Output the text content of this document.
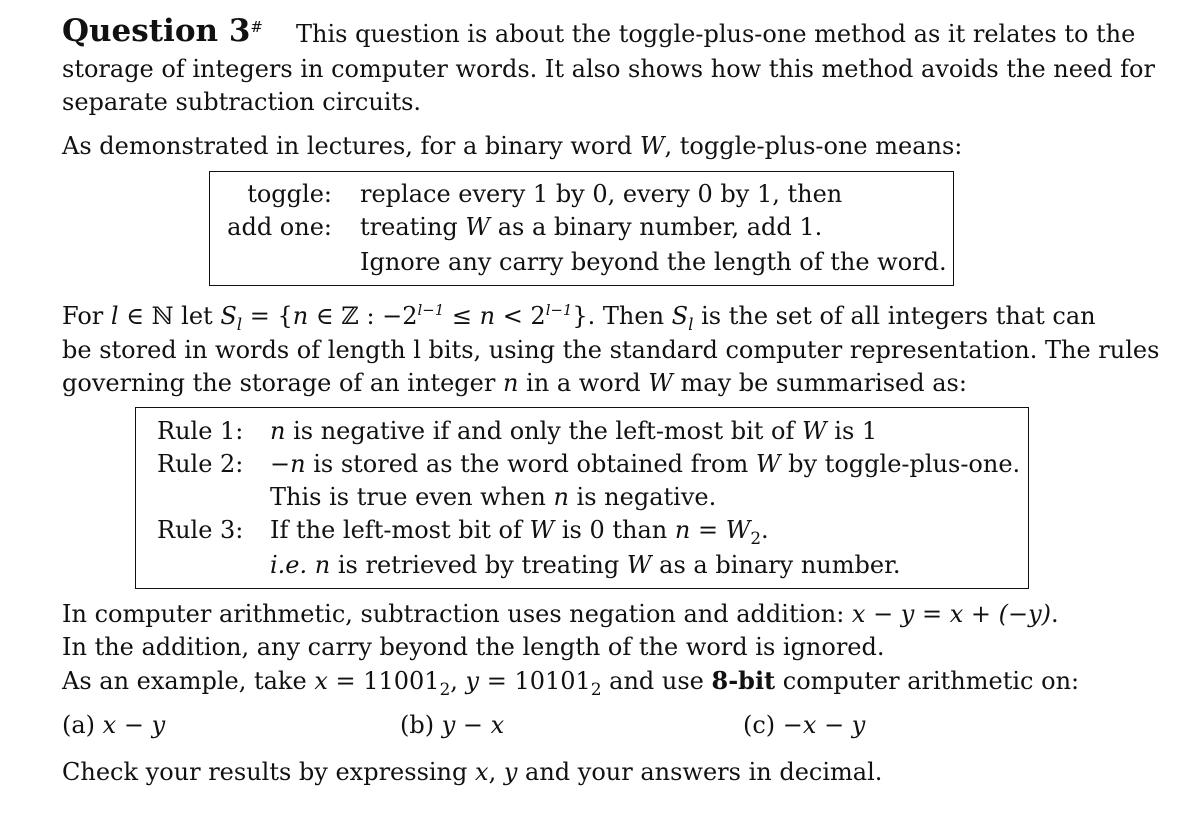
Question 3# This question is about the toggle-plus-one method as it relates to the
storage of integers in computer words. It also shows how this method avoids the need for
separate subtraction circuits.
As demonstrated in lectures, for a binary word W, toggle-plus-one means:
toggle: replace every 1 by 0, every 0 by 1, then
add one: treating W as a binary number, add 1.
Ignore any carry beyond the length of the word.
For l ∈ ℕ let $S_l = \{n$ ∈ ℤ : $-2^{l-1} \le n < 2^{l-1}$}. Then $S_l$ is the set of all integers that can
be stored in words of length l bits, using the standard computer representation. The rules
governing the storage of an integer n in a word W may be summarised as:
Rule 1: n is negative if and only the left-most bit of W is 1
Rule 2: −n is stored as the word obtained from W by toggle-plus-one.
This is true even when n is negative.
Rule 3: If the left-most bit of W is 0 than $n = W_2$.
i.e. n is retrieved by treating W as a binary number.
In computer arithmetic, subtraction uses negation and addition: x − y = x + (−y).
In the addition, any carry beyond the length of the word is ignored.
As an example, take $x = 11001_2$, $y = 10101_2$ and use 8-bit computer arithmetic on:
(a) x − y	(b) y − x	(c) −x − y
Check your results by expressing x, y and your answers in decimal.
